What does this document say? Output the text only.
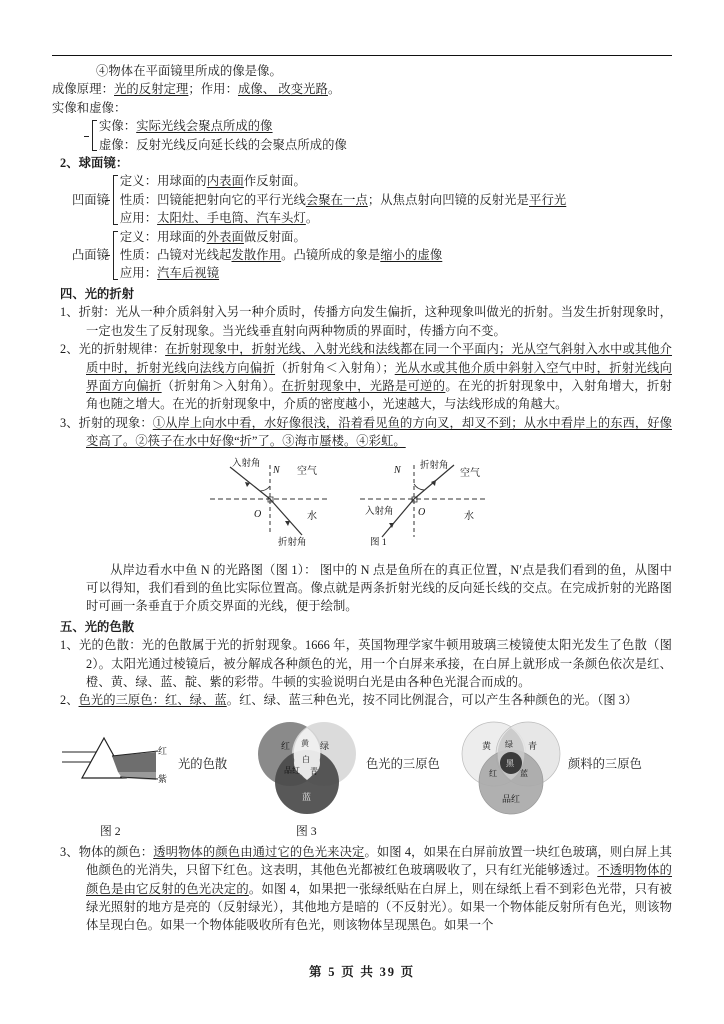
④物体在平面镜里所成的像是像。
成像原理：光的反射定理；作用：成像、 改变光路。
实像和虚像：
实像：实际光线会聚点所成的像
虚像：反射光线反向延长线的会聚点所成的像
2、球面镜：
凹面镜
定义：用球面的内表面作反射面。
性质：凹镜能把射向它的平行光线会聚在一点；从焦点射向凹镜的反射光是平行光
应用：太阳灶、手电筒、汽车头灯。
凸面镜
定义：用球面的外表面做反射面。
性质：凸镜对光线起发散作用。凸镜所成的象是缩小的虚像
应用：汽车后视镜
四、光的折射
1、折射：光从一种介质斜射入另一种介质时，传播方向发生偏折，这种现象叫做光的折射。当发生折射现象时，一定也发生了反射现象。当光线垂直射向两种物质的界面时，传播方向不变。
2、光的折射规律：在折射现象中，折射光线、入射光线和法线都在同一个平面内；光从空气斜射入水中或其他介质中时，折射光线向法线方向偏折（折射角＜入射角）；光从水或其他介质中斜射入空气中时，折射光线向界面方向偏折（折射角＞入射角）。在折射现象中，光路是可逆的。在光的折射现象中，入射角增大，折射角也随之增大。在光的折射现象中，介质的密度越小，光速越大，与法线形成的角越大。
3、折射的现象：①从岸上向水中看，水好像很浅，沿着看见鱼的方向叉，却叉不到；从水中看岸上的东西，好像变高了。②筷子在水中好像“折”了。③海市蜃楼。④彩虹。
入射角
N 空气
O	水
折射角
N 折射角
空气
入射角 O	水
图 1
从岸边看水中鱼 N 的光路图（图 1）： 图中的 N 点是鱼所在的真正位置，N′点是我们看到的鱼，从图中可以得知，我们看到的鱼比实际位置高。像点就是两条折射光线的反向延长线的交点。在完成折射的光路图时可画一条垂直于介质交界面的光线，便于绘制。
五、光的色散
1、光的色散：光的色散属于光的折射现象。1666 年，英国物理学家牛顿用玻璃三棱镜使太阳光发生了色散（图 2）。太阳光通过棱镜后，被分解成各种颜色的光，用一个白屏来承接，在白屏上就形成一条颜色依次是红、橙、黄、绿、蓝、靛、紫的彩带。牛顿的实验说明白光是由各种色光混合而成的。
2、色光的三原色：红、绿、蓝。红、绿、蓝三种色光，按不同比例混合，可以产生各种颜色的光。（图 3）
红
紫
光的色散
红	绿
蓝
黄
白
青
品红	色光的三原色
黄	青
品红
绿
黑
红	蓝
颜料的三原色
图 2	图 3
3、物体的颜色：透明物体的颜色由通过它的色光来决定。如图 4，如果在白屏前放置一块红色玻璃，则白屏上其他颜色的光消失，只留下红色。这表明，其他色光都被红色玻璃吸收了，只有红光能够透过。不透明物体的颜色是由它反射的色光决定的。如图 4，如果把一张绿纸贴在白屏上，则在绿纸上看不到彩色光带，只有被绿光照射的地方是亮的（反射绿光），其他地方是暗的（不反射光）。如果一个物体能反射所有色光，则该物体呈现白色。如果一个物体能吸收所有色光，则该物体呈现黑色。如果一个
第 5 页 共 39 页
